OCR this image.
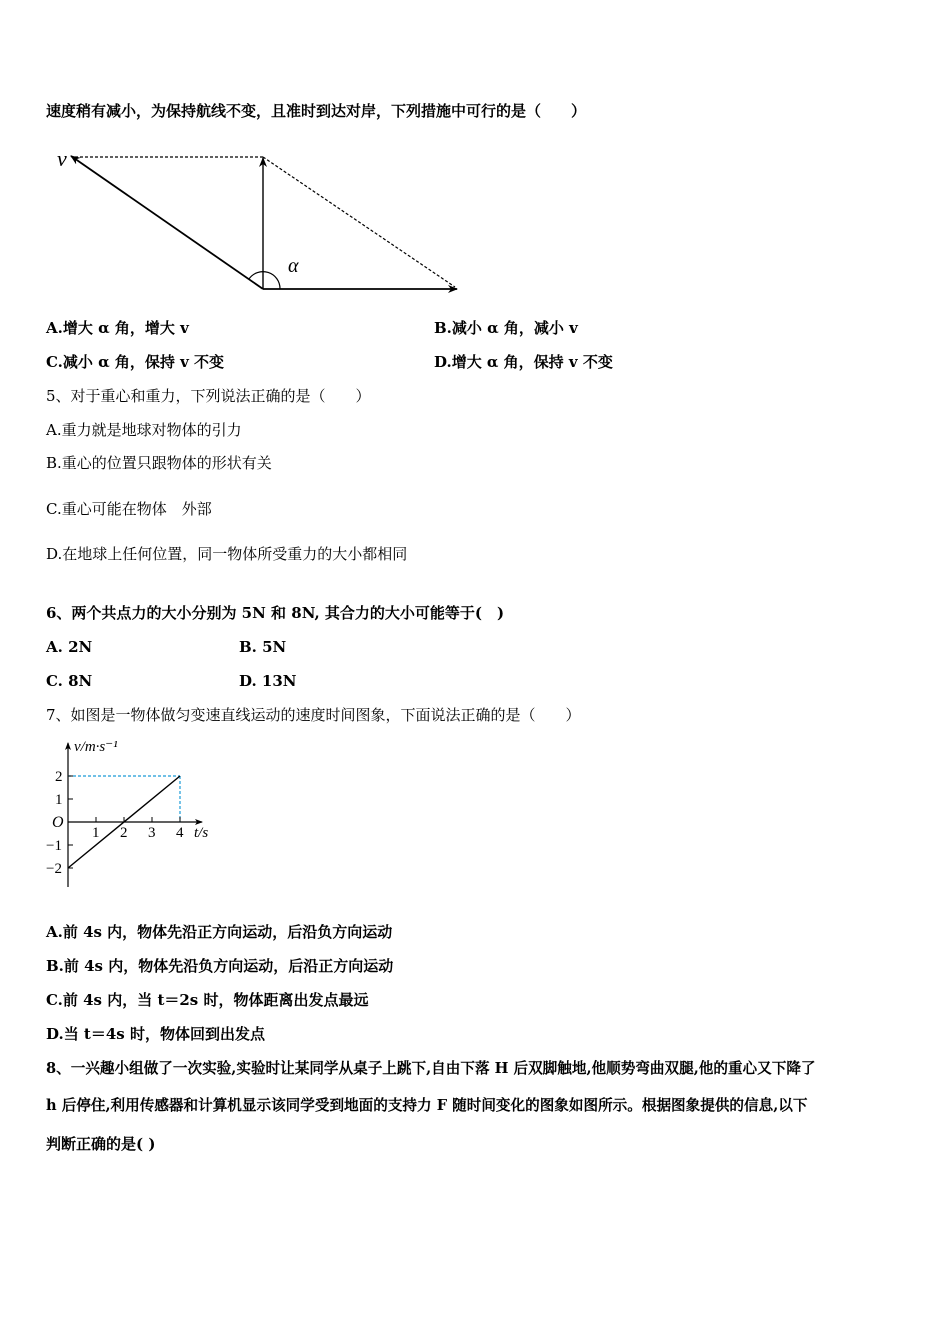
速度稍有减小，为保持航线不变，且准时到达对岸，下列措施中可行的是（　　）
v
α
A.增大 α 角，增大 v	B.减小 α 角，减小 v
C.减小 α 角，保持 v 不变	D.增大 α 角，保持 v 不变
5、对于重心和重力，下列说法正确的是（　　）
A.重力就是地球对物体的引力
B.重心的位置只跟物体的形状有关
C.重心可能在物体　外部
D.在地球上任何位置，同一物体所受重力的大小都相同
6、两个共点力的大小分别为 5N 和 8N, 其合力的大小可能等于(　)
A. 2N	B. 5N
C. 8N	D. 13N
7、如图是一物体做匀变速直线运动的速度时间图象，下面说法正确的是（　　）
v/m·s⁻¹
t/s
O
1 2 3 4
2
1
−1
−2
A.前 4s 内，物体先沿正方向运动，后沿负方向运动
B.前 4s 内，物体先沿负方向运动，后沿正方向运动
C.前 4s 内，当 t＝2s 时，物体距离出发点最远
D.当 t＝4s 时，物体回到出发点
8、一兴趣小组做了一次实验,实验时让某同学从桌子上跳下,自由下落 H 后双脚触地,他顺势弯曲双腿,他的重心又下降了
h 后停住,利用传感器和计算机显示该同学受到地面的支持力 F 随时间变化的图象如图所示。根据图象提供的信息,以下
判断正确的是( )
